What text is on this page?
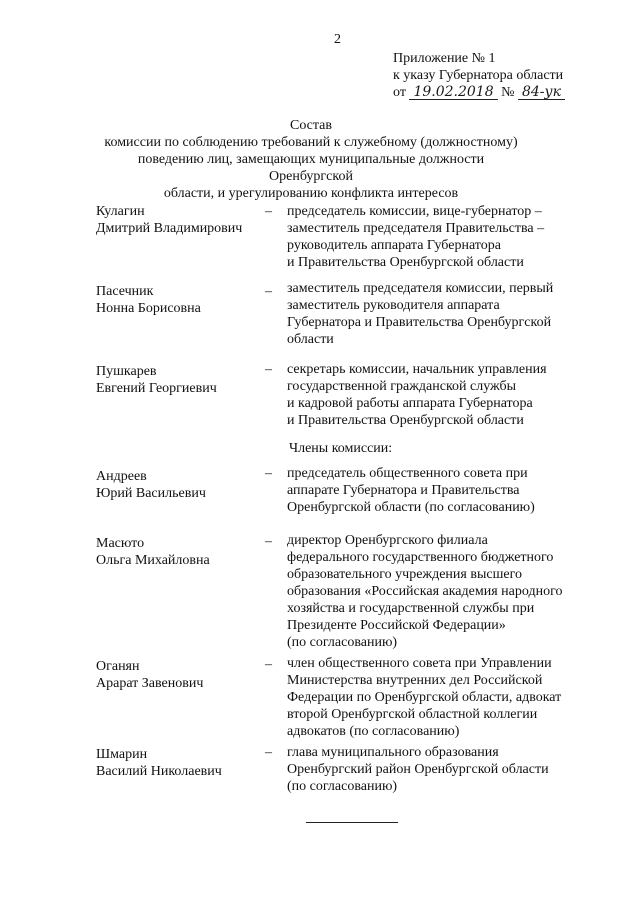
2
Приложение № 1
к указу Губернатора области
от 19.02.2018 № 84-ук
Состав
комиссии по соблюдению требований к служебному (должностному)
поведению лиц, замещающих муниципальные должности Оренбургской
области, и урегулированию конфликта интересов
Кулагин
Дмитрий Владимирович
– председатель комиссии, вице-губернатор –
заместитель председателя Правительства –
руководитель аппарата Губернатора
и Правительства Оренбургской области
Пасечник
Нонна Борисовна
– заместитель председателя комиссии, первый
заместитель руководителя аппарата
Губернатора и Правительства Оренбургской
области
Пушкарев
Евгений Георгиевич
– секретарь комиссии, начальник управления
государственной гражданской службы
и кадровой работы аппарата Губернатора
и Правительства Оренбургской области
Члены комиссии:
Андреев
Юрий Васильевич
– председатель общественного совета при
аппарате Губернатора и Правительства
Оренбургской области (по согласованию)
Масюто
Ольга Михайловна
– директор Оренбургского филиала
федерального государственного бюджетного
образовательного учреждения высшего
образования «Российская академия народного
хозяйства и государственной службы при
Президенте Российской Федерации»
(по согласованию)
Оганян
Арарат Завенович
– член общественного совета при Управлении
Министерства внутренних дел Российской
Федерации по Оренбургской области, адвокат
второй Оренбургской областной коллегии
адвокатов (по согласованию)
Шмарин
Василий Николаевич
– глава муниципального образования
Оренбургский район Оренбургской области
(по согласованию)
